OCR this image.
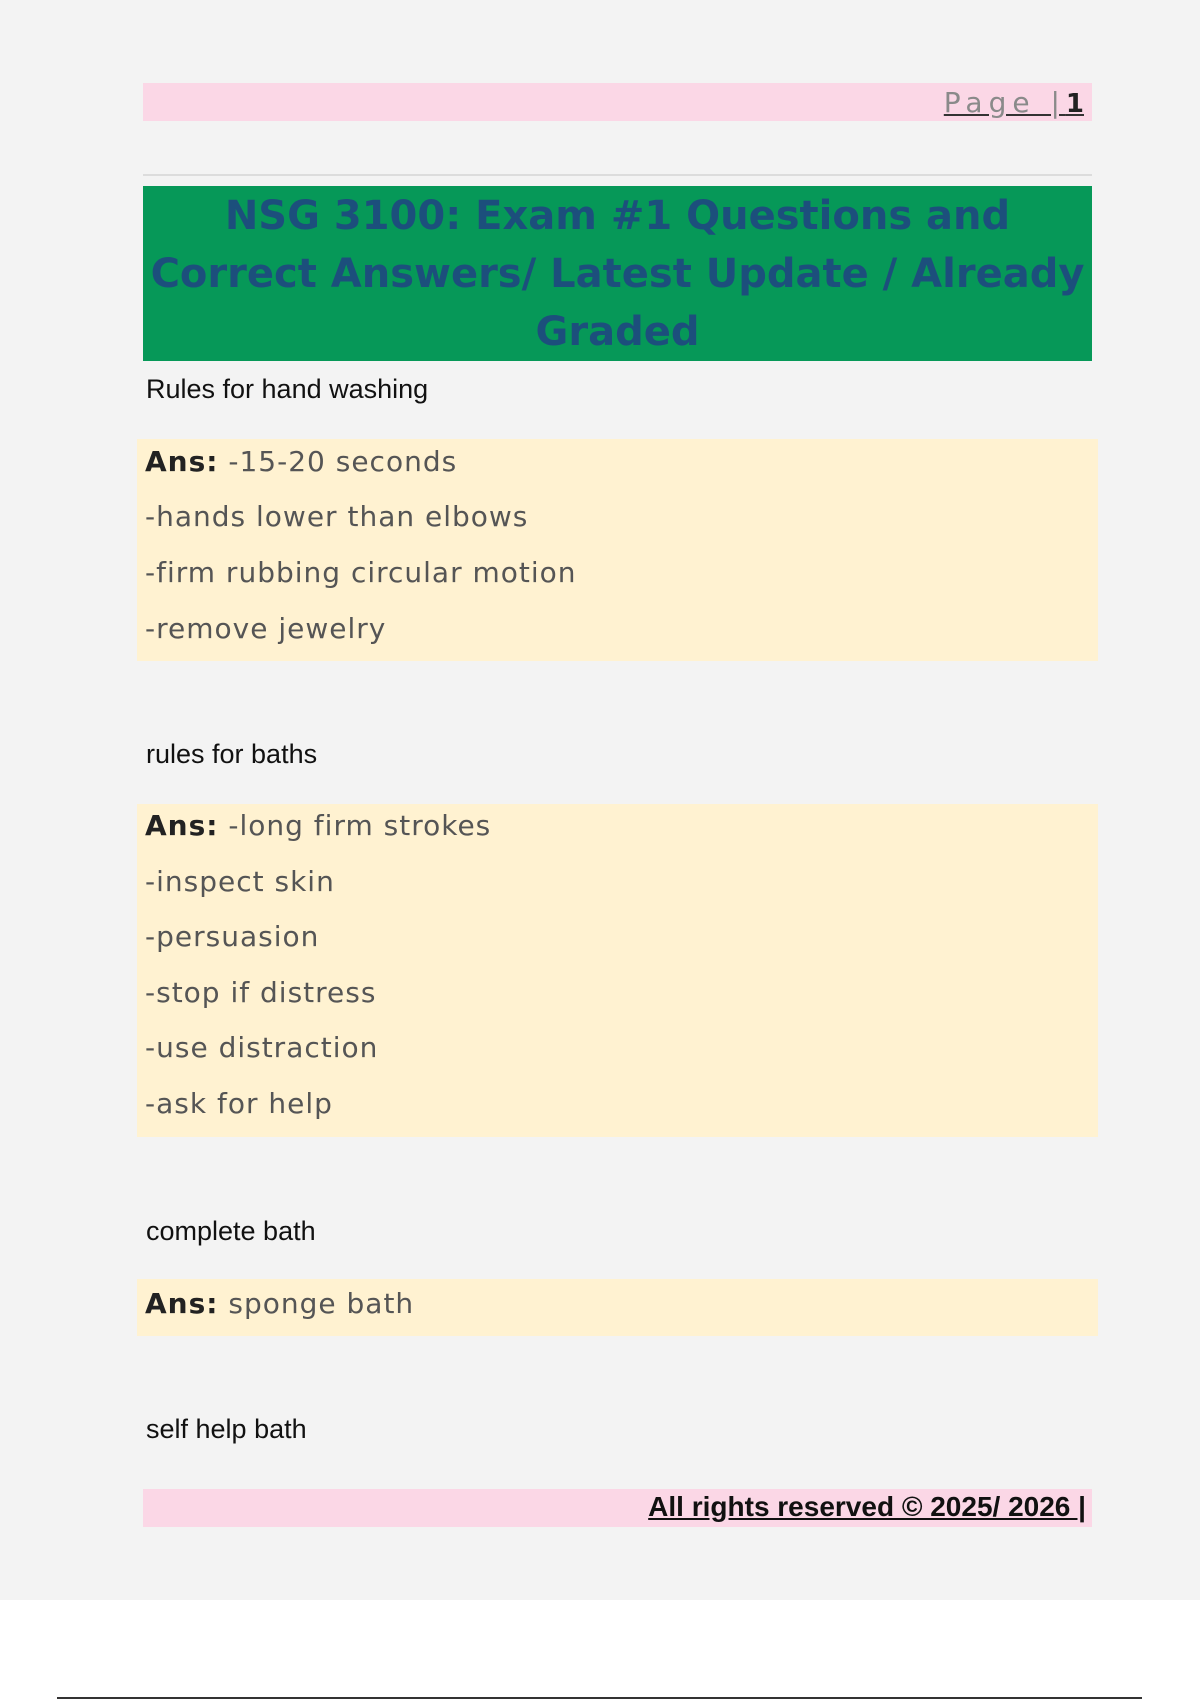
Page |1
NSG 3100: Exam #1 Questions and Correct Answers/ Latest Update / Already Graded
Rules for hand washing
Ans: -15-20 seconds
-hands lower than elbows
-firm rubbing circular motion
-remove jewelry
rules for baths
Ans: -long firm strokes
-inspect skin
-persuasion
-stop if distress
-use distraction
-ask for help
complete bath
Ans: sponge bath
self help bath
All rights reserved © 2025/ 2026 |
